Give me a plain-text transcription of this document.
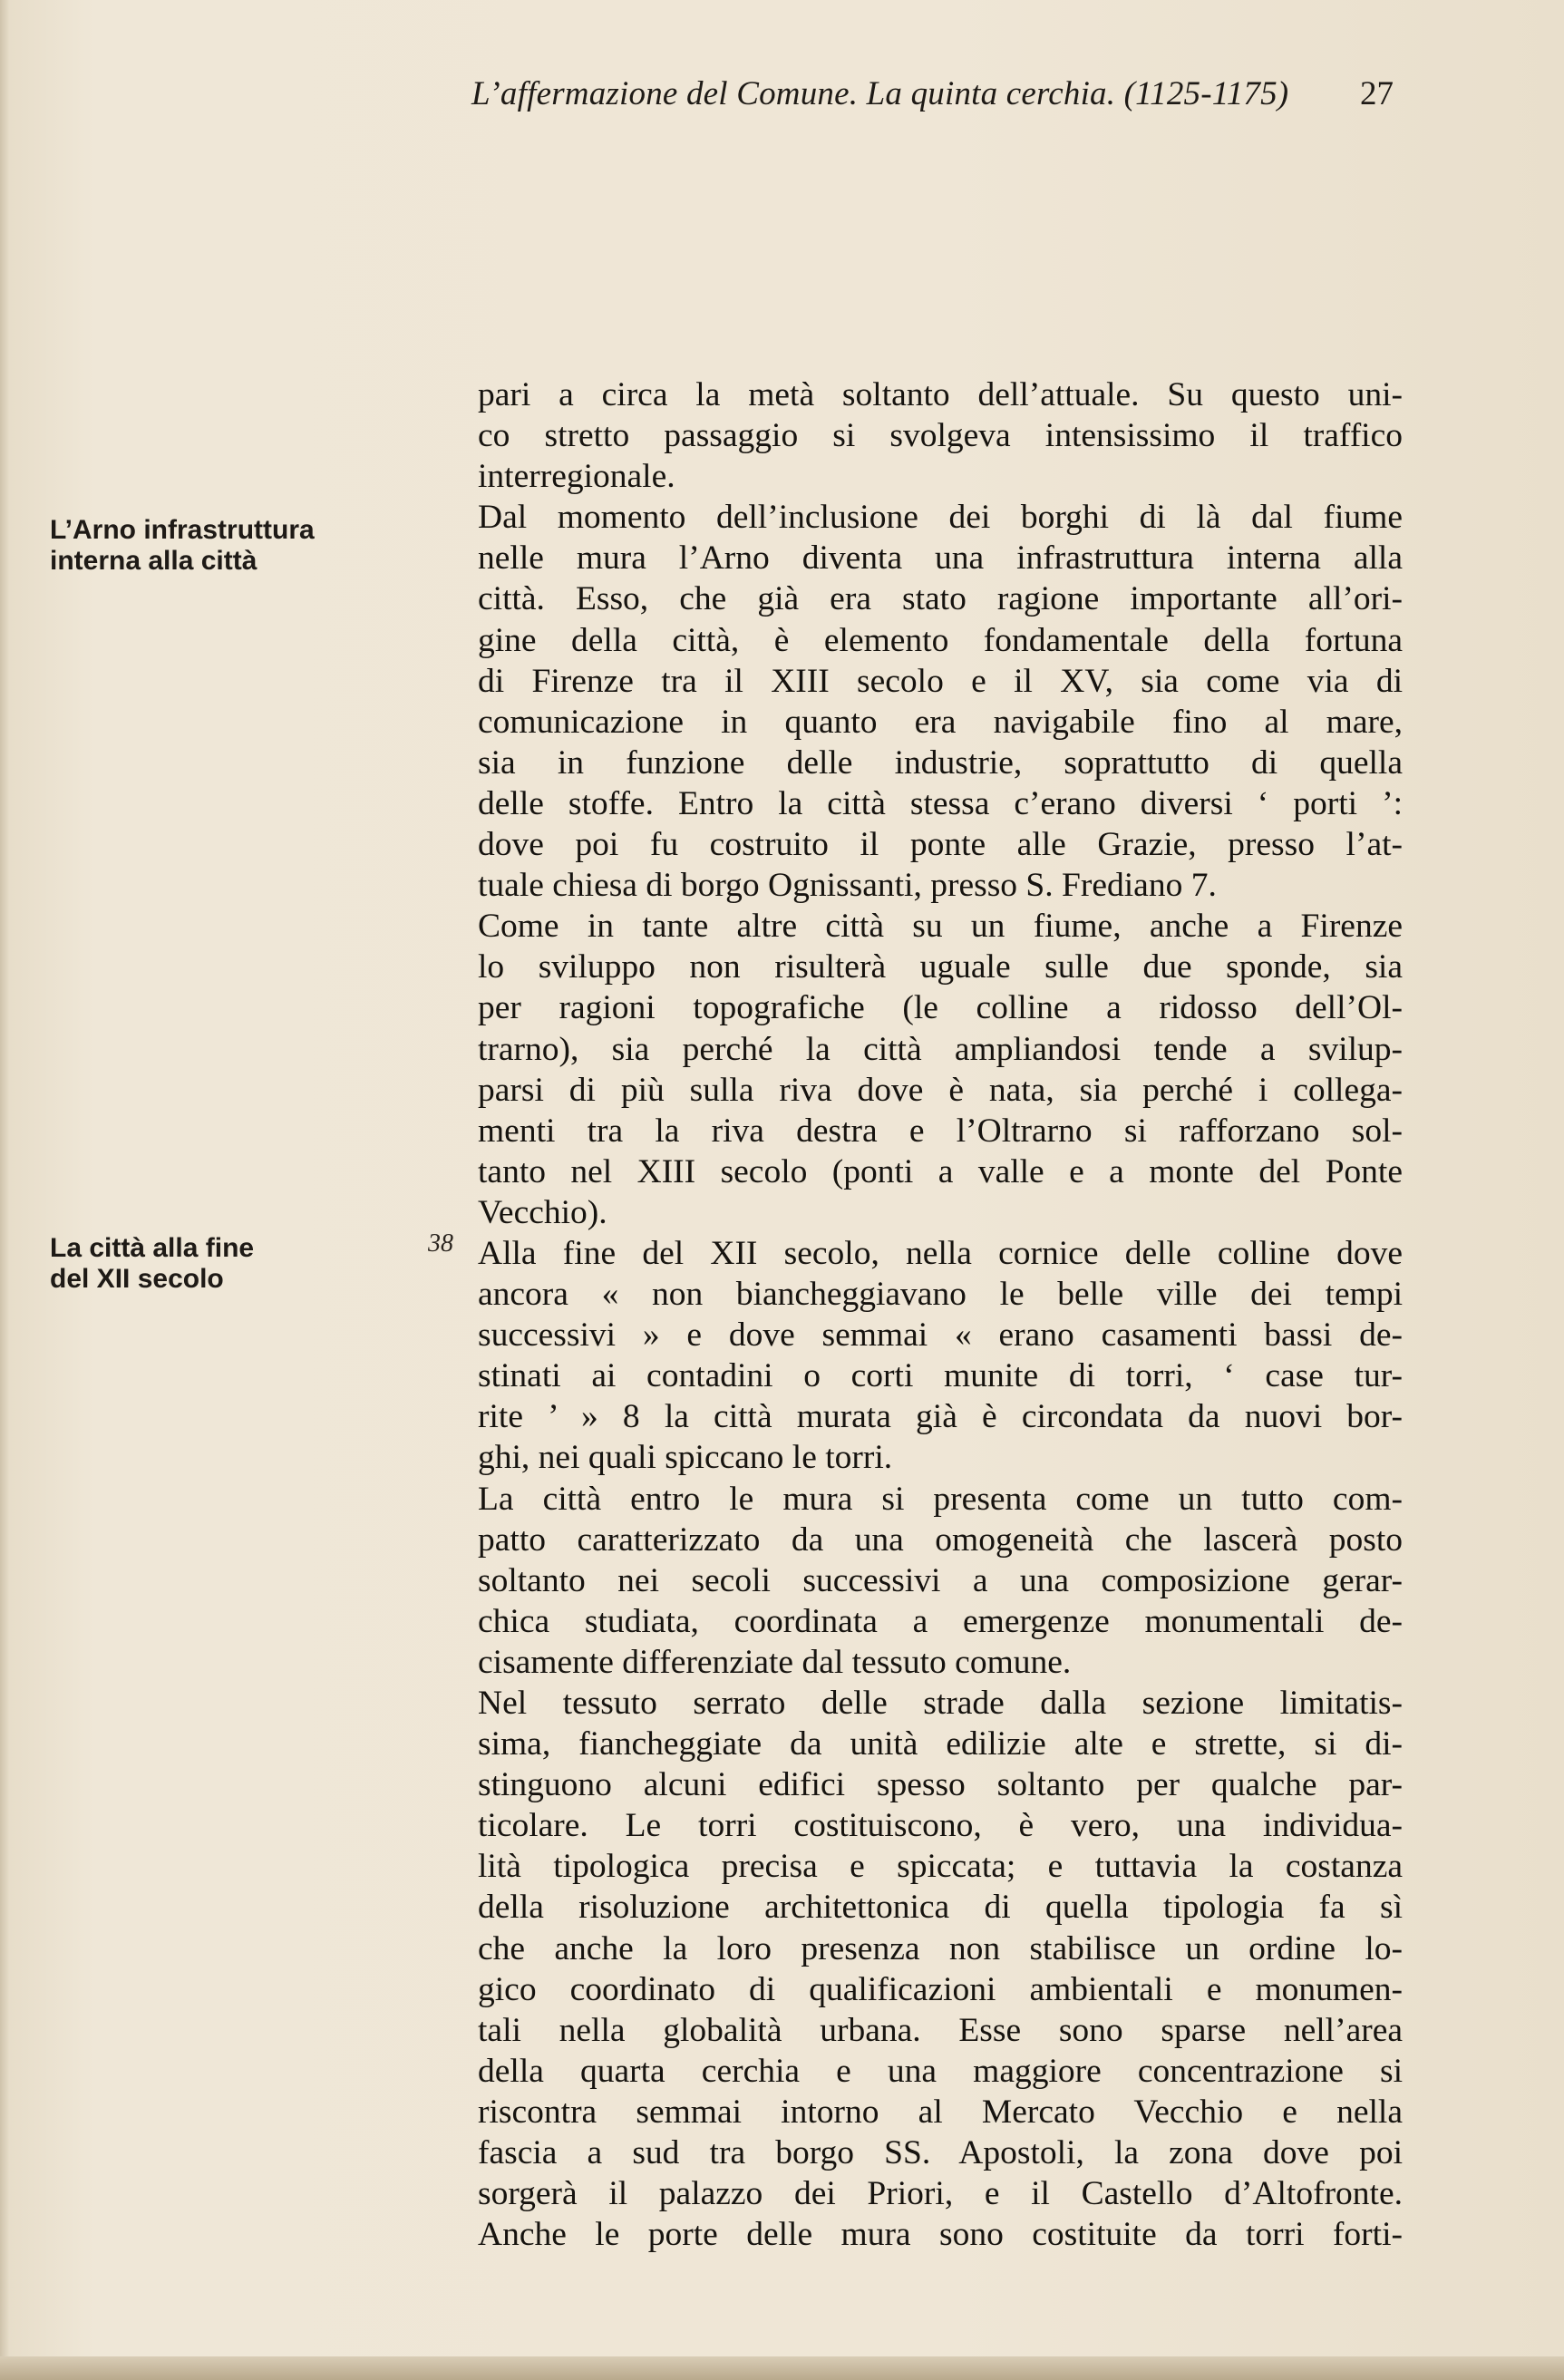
L’affermazione del Comune. La quinta cerchia. (1125-1175) 27
L’Arno infrastruttura
interna alla città
La città alla fine
del XII secolo
38
pari a circa la metà soltanto dell’attuale. Su questo uni-
co stretto passaggio si svolgeva intensissimo il traffico
interregionale.
Dal momento dell’inclusione dei borghi di là dal fiume
nelle mura l’Arno diventa una infrastruttura interna alla
città. Esso, che già era stato ragione importante all’ori-
gine della città, è elemento fondamentale della fortuna
di Firenze tra il XIII secolo e il XV, sia come via di
comunicazione in quanto era navigabile fino al mare,
sia in funzione delle industrie, soprattutto di quella
delle stoffe. Entro la città stessa c’erano diversi ‘ porti ’:
dove poi fu costruito il ponte alle Grazie, presso l’at-
tuale chiesa di borgo Ognissanti, presso S. Frediano 7.
Come in tante altre città su un fiume, anche a Firenze
lo sviluppo non risulterà uguale sulle due sponde, sia
per ragioni topografiche (le colline a ridosso dell’Ol-
trarno), sia perché la città ampliandosi tende a svilup-
parsi di più sulla riva dove è nata, sia perché i collega-
menti tra la riva destra e l’Oltrarno si rafforzano sol-
tanto nel XIII secolo (ponti a valle e a monte del Ponte
Vecchio).
Alla fine del XII secolo, nella cornice delle colline dove
ancora « non biancheggiavano le belle ville dei tempi
successivi » e dove semmai « erano casamenti bassi de-
stinati ai contadini o corti munite di torri, ‘ case tur-
rite ’ » 8 la città murata già è circondata da nuovi bor-
ghi, nei quali spiccano le torri.
La città entro le mura si presenta come un tutto com-
patto caratterizzato da una omogeneità che lascerà posto
soltanto nei secoli successivi a una composizione gerar-
chica studiata, coordinata a emergenze monumentali de-
cisamente differenziate dal tessuto comune.
Nel tessuto serrato delle strade dalla sezione limitatis-
sima, fiancheggiate da unità edilizie alte e strette, si di-
stinguono alcuni edifici spesso soltanto per qualche par-
ticolare. Le torri costituiscono, è vero, una individua-
lità tipologica precisa e spiccata; e tuttavia la costanza
della risoluzione architettonica di quella tipologia fa sì
che anche la loro presenza non stabilisce un ordine lo-
gico coordinato di qualificazioni ambientali e monumen-
tali nella globalità urbana. Esse sono sparse nell’area
della quarta cerchia e una maggiore concentrazione si
riscontra semmai intorno al Mercato Vecchio e nella
fascia a sud tra borgo SS. Apostoli, la zona dove poi
sorgerà il palazzo dei Priori, e il Castello d’Altofronte.
Anche le porte delle mura sono costituite da torri forti-
